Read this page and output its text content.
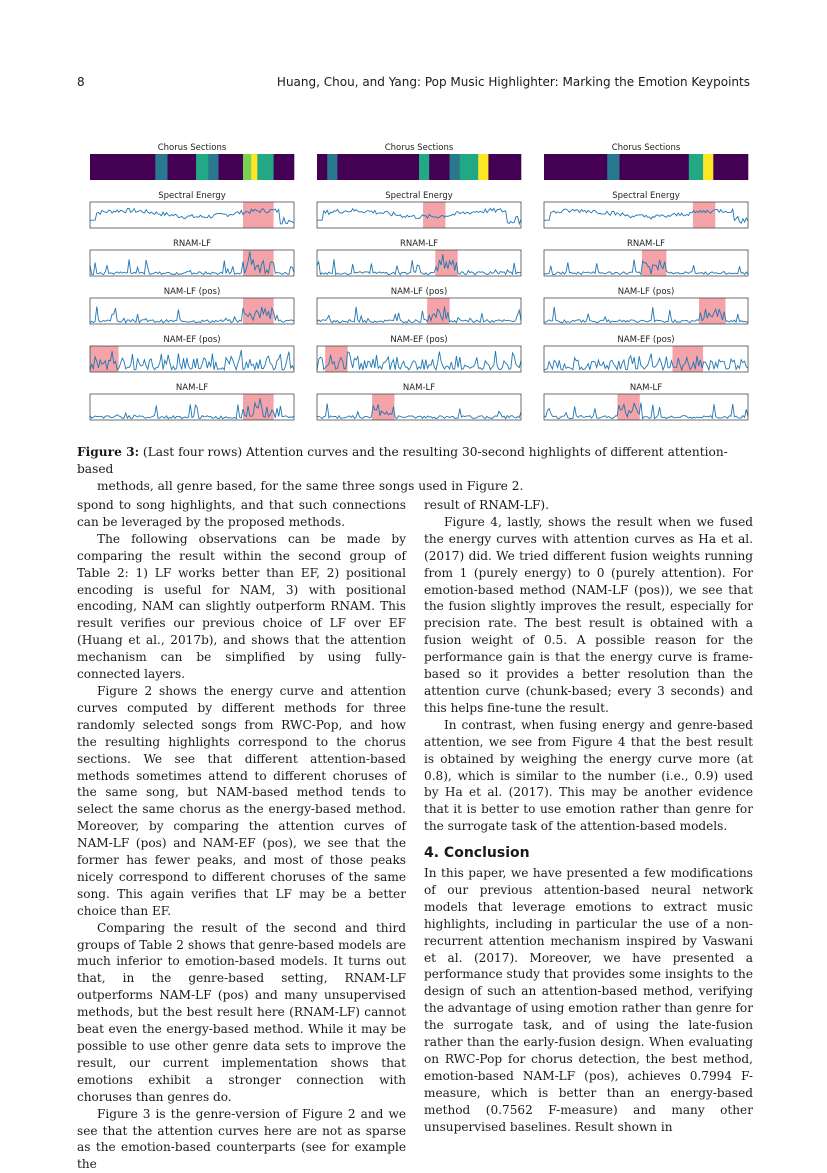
8	Huang, Chou, and Yang: Pop Music Highlighter: Marking the Emotion Keypoints
Chorus Sections
Spectral Energy
RNAM-LF
NAM-LF (pos)
NAM-EF (pos)
NAM-LF
Chorus Sections
Spectral Energy
RNAM-LF
NAM-LF (pos)
NAM-EF (pos)
NAM-LF
Chorus Sections
Spectral Energy
RNAM-LF
NAM-LF (pos)
NAM-EF (pos)
NAM-LF
Figure 3: (Last four rows) Attention curves and the resulting 30-second highlights of different attention-based
methods, all genre based, for the same three songs used in Figure 2.

spond to song highlights, and that such connections can be leveraged by the proposed methods.

The following observations can be made by comparing the result within the second group of Table 2: 1) LF works better than EF, 2) positional encoding is useful for NAM, 3) with positional encoding, NAM can slightly outperform RNAM. This result verifies our previous choice of LF over EF (Huang et al., 2017b), and shows that the attention mechanism can be simplified by using fully-connected layers.

Figure 2 shows the energy curve and attention curves computed by different methods for three randomly selected songs from RWC-Pop, and how the resulting highlights correspond to the chorus sections. We see that different attention-based methods sometimes attend to different choruses of the same song, but NAM-based method tends to select the same chorus as the energy-based method. Moreover, by comparing the attention curves of NAM-LF (pos) and NAM-EF (pos), we see that the former has fewer peaks, and most of those peaks nicely correspond to different choruses of the same song. This again verifies that LF may be a better choice than EF.

Comparing the result of the second and third groups of Table 2 shows that genre-based models are much inferior to emotion-based models. It turns out that, in the genre-based setting, RNAM-LF outperforms NAM-LF (pos) and many unsupervised methods, but the best result here (RNAM-LF) cannot beat even the energy-based method. While it may be possible to use other genre data sets to improve the result, our current implementation shows that emotions exhibit a stronger connection with choruses than genres do.

Figure 3 is the genre-version of Figure 2 and we see that the attention curves here are not as sparse as the emotion-based counterparts (see for example the

result of RNAM-LF).

Figure 4, lastly, shows the result when we fused the energy curves with attention curves as Ha et al. (2017) did. We tried different fusion weights running from 1 (purely energy) to 0 (purely attention). For emotion-based method (NAM-LF (pos)), we see that the fusion slightly improves the result, especially for precision rate. The best result is obtained with a fusion weight of 0.5. A possible reason for the performance gain is that the energy curve is frame-based so it provides a better resolution than the attention curve (chunk-based; every 3 seconds) and this helps fine-tune the result.

In contrast, when fusing energy and genre-based attention, we see from Figure 4 that the best result is obtained by weighing the energy curve more (at 0.8), which is similar to the number (i.e., 0.9) used by Ha et al. (2017). This may be another evidence that it is better to use emotion rather than genre for the surrogate task of the attention-based models.

4. Conclusion

In this paper, we have presented a few modifications of our previous attention-based neural network models that leverage emotions to extract music highlights, including in particular the use of a non-recurrent attention mechanism inspired by Vaswani et al. (2017). Moreover, we have presented a performance study that provides some insights to the design of such an attention-based method, verifying the advantage of using emotion rather than genre for the surrogate task, and of using the late-fusion rather than the early-fusion design. When evaluating on RWC-Pop for chorus detection, the best method, emotion-based NAM-LF (pos), achieves 0.7994 F-measure, which is better than an energy-based method (0.7562 F-measure) and many other unsupervised baselines. Result shown in
